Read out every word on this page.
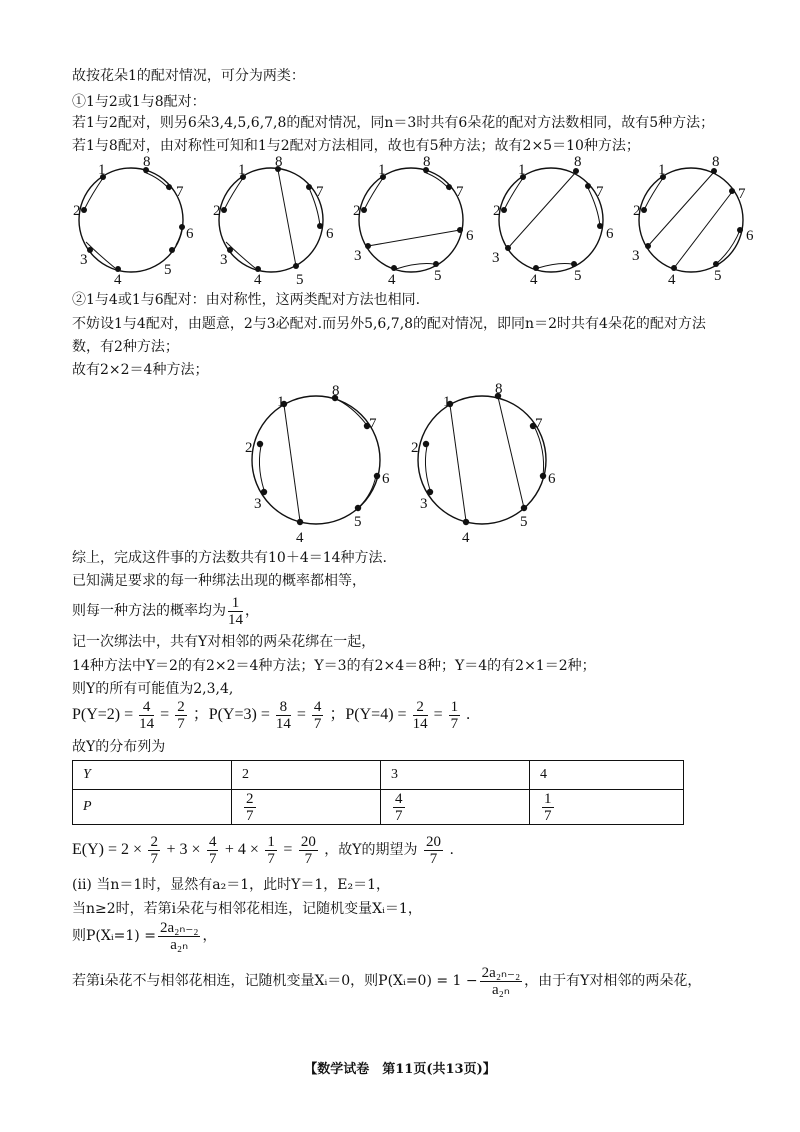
故按花朵1的配对情况，可分为两类：
①1与2或1与8配对：
若1与2配对，则另6朵3,4,5,6,7,8的配对情况，同n＝3时共有6朵花的配对方法数相同，故有5种方法；
若1与8配对，由对称性可知和1与2配对方法相同，故也有5种方法；故有2×5＝10种方法；
1
2
3
4
5
6
7
8	1
2
3
4 5
6
7
8	1
2
3
4	5
6
7
8	1
2
3
4 5
6
7
8	1
2
3
4	5
6
7
8
②1与4或1与6配对：由对称性，这两类配对方法也相同.
不妨设1与4配对，由题意，2与3必配对.而另外5,6,7,8的配对情况，即同n＝2时共有4朵花的配对方法
数，有2种方法；
故有2×2＝4种方法；
1
2
3
4
5
6
7
8
1
2
3
4
5
6
7
8
综上，完成这件事的方法数共有10＋4＝14种方法.
已知满足要求的每一种绑法出现的概率都相等，
则每一种方法的概率均为 $\frac{1}{14}$ ，
记一次绑法中，共有Y对相邻的两朵花绑在一起，
14种方法中Y＝2的有2×2＝4种方法；Y＝3的有2×4＝8种；Y＝4的有2×1＝2种；
则Y的所有可能值为2,3,4,
$P(Y=2) = \frac{4}{14} = \frac{2}{7}$ ；$P(Y=3) = \frac{8}{14} = \frac{4}{7}$ ；$P(Y=4) = \frac{2}{14} = \frac{1}{7}$ .
故Y的分布列为
Y	2	3	4
P	$\frac{2}{7}$	$\frac{4}{7}$	$\frac{1}{7}$
$E(Y) = 2 \times \frac{2}{7} + 3 \times \frac{4}{7} + 4 \times \frac{1}{7} = \frac{20}{7}$ ，故Y的期望为 $\frac{20}{7}$ .
(ii) 当n＝1时，显然有a₂＝1，此时Y＝1，E₂＝1，
当n≥2时，若第i朵花与相邻花相连，记随机变量Xᵢ＝1，
则P(Xᵢ=1) = $\frac{\text{2a₂ₙ₋₂}}{\text{a₂ₙ}}$ ，
若第i朵花不与相邻花相连，记随机变量Xᵢ＝0，则P(Xᵢ=0) = $1 - \frac{\text{2a₂ₙ₋₂}}{\text{a₂ₙ}}$ ，由于有Y对相邻的两朵花，
【数学试卷　第11页(共13页)】
